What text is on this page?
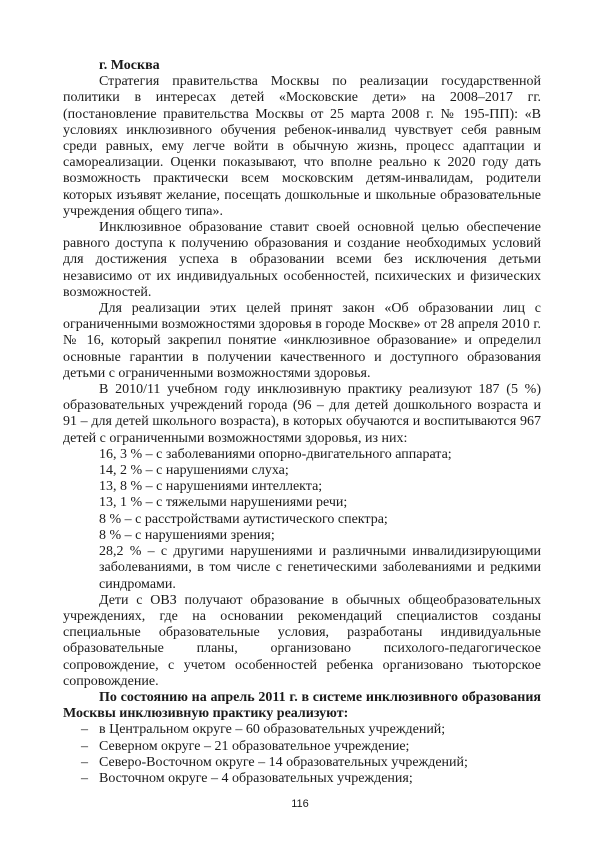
г. Москва

Стратегия правительства Москвы по реализации государственной политики в интересах детей «Московские дети» на 2008–2017 гг. (постановление правительства Москвы от 25 марта 2008 г. № 195-ПП): «В условиях инклюзивного обучения ребенок-инвалид чувствует себя равным среди равных, ему легче войти в обычную жизнь, процесс адаптации и самореализации. Оценки показывают, что вполне реально к 2020 году дать возможность практически всем московским детям-инвалидам, родители которых изъявят желание, посещать дошкольные и школьные образовательные учреждения общего типа».

Инклюзивное образование ставит своей основной целью обеспечение равного доступа к получению образования и создание необходимых условий для достижения успеха в образовании всеми без исключения детьми независимо от их индивидуальных особенностей, психических и физических возможностей.

Для реализации этих целей принят закон «Об образовании лиц с ограниченными возможностями здоровья в городе Москве» от 28 апреля 2010 г. № 16, который закрепил понятие «инклюзивное образование» и определил основные гарантии в получении качественного и доступного образования детьми с ограниченными возможностями здоровья.

В 2010/11 учебном году инклюзивную практику реализуют 187 (5 %) образовательных учреждений города (96 – для детей дошкольного возраста и 91 – для детей школьного возраста), в которых обучаются и воспитываются 967 детей с ограниченными возможностями здоровья, из них:

16, 3 % – с заболеваниями опорно-двигательного аппарата;

14, 2 % – с нарушениями слуха;

13, 8 % – с нарушениями интеллекта;

13, 1 % – с тяжелыми нарушениями речи;

8 % – с расстройствами аутистического спектра;

8 % – с нарушениями зрения;

28,2 % – с другими нарушениями и различными инвалидизирующими заболеваниями, в том числе с генетическими заболеваниями и редкими синдромами.

Дети с ОВЗ получают образование в обычных общеобразовательных учреждениях, где на основании рекомендаций специалистов созданы специальные образовательные условия, разработаны индивидуальные образовательные планы, организовано психолого-педагогическое сопровождение, с учетом особенностей ребенка организовано тьюторское сопровождение.

По состоянию на апрель 2011 г. в системе инклюзивного образования Москвы инклюзивную практику реализуют:

– в Центральном округе – 60 образовательных учреждений;
– Северном округе – 21 образовательное учреждение;
– Северо-Восточном округе – 14 образовательных учреждений;
– Восточном округе – 4 образовательных учреждения;
116
